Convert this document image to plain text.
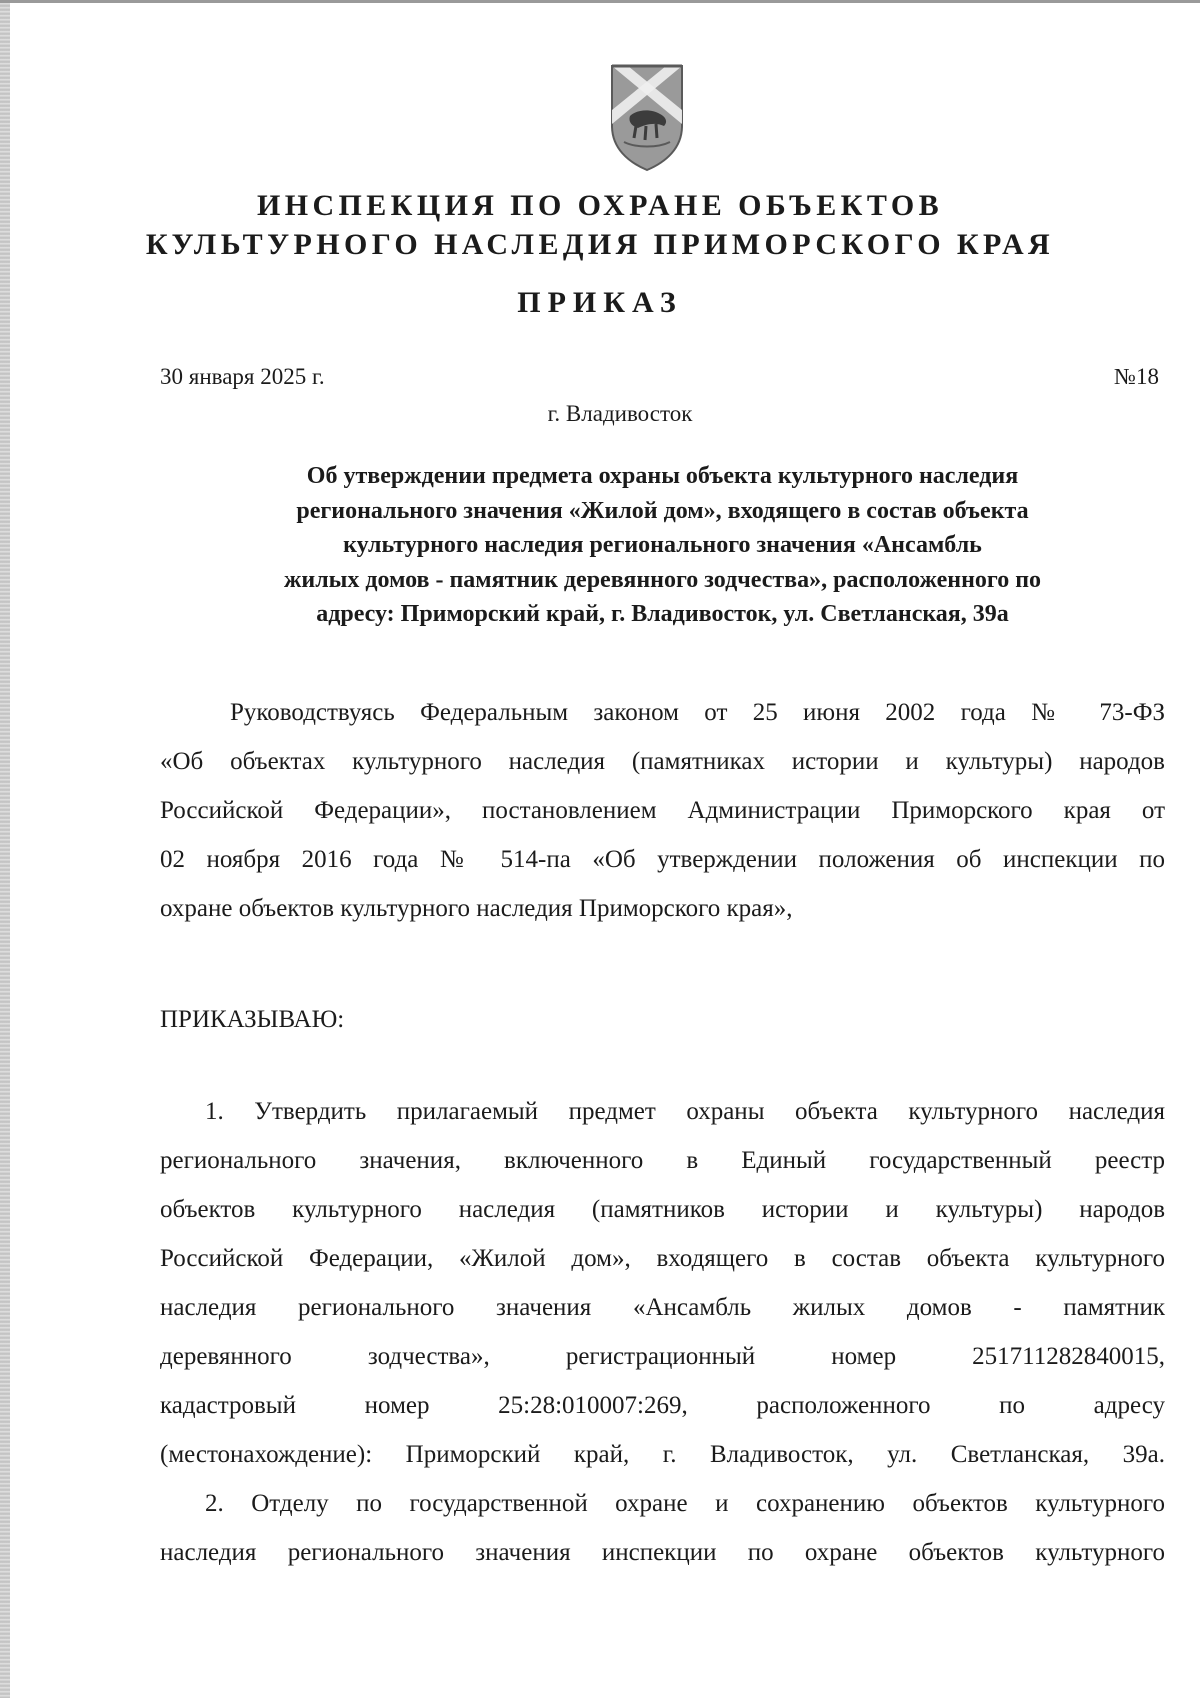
ИНСПЕКЦИЯ ПО ОХРАНЕ ОБЪЕКТОВ
КУЛЬТУРНОГО НАСЛЕДИЯ ПРИМОРСКОГО КРАЯ
ПРИКАЗ
30 января 2025 г.	№18
г. Владивосток
Об утверждении предмета охраны объекта культурного наследия
регионального значения «Жилой дом», входящего в состав объекта
культурного наследия регионального значения «Ансамбль
жилых домов - памятник деревянного зодчества», расположенного по
адресу: Приморский край, г. Владивосток, ул. Светланская, 39а
Руководствуясь Федеральным законом от 25 июня 2002 года № 73-ФЗ
«Об объектах культурного наследия (памятниках истории и культуры) народов
Российской Федерации», постановлением Администрации Приморского края от
02 ноября 2016 года № 514-па «Об утверждении положения об инспекции по
охране объектов культурного наследия Приморского края»,
ПРИКАЗЫВАЮ:
1. Утвердить прилагаемый предмет охраны объекта культурного наследия
регионального значения, включенного в Единый государственный реестр
объектов культурного наследия (памятников истории и культуры) народов
Российской Федерации, «Жилой дом», входящего в состав объекта культурного
наследия регионального значения «Ансамбль жилых домов - памятник
деревянного зодчества», регистрационный номер 251711282840015,
кадастровый номер 25:28:010007:269, расположенного по адресу
(местонахождение): Приморский край, г. Владивосток, ул. Светланская, 39а.
2. Отделу по государственной охране и сохранению объектов культурного
наследия регионального значения инспекции по охране объектов культурного
